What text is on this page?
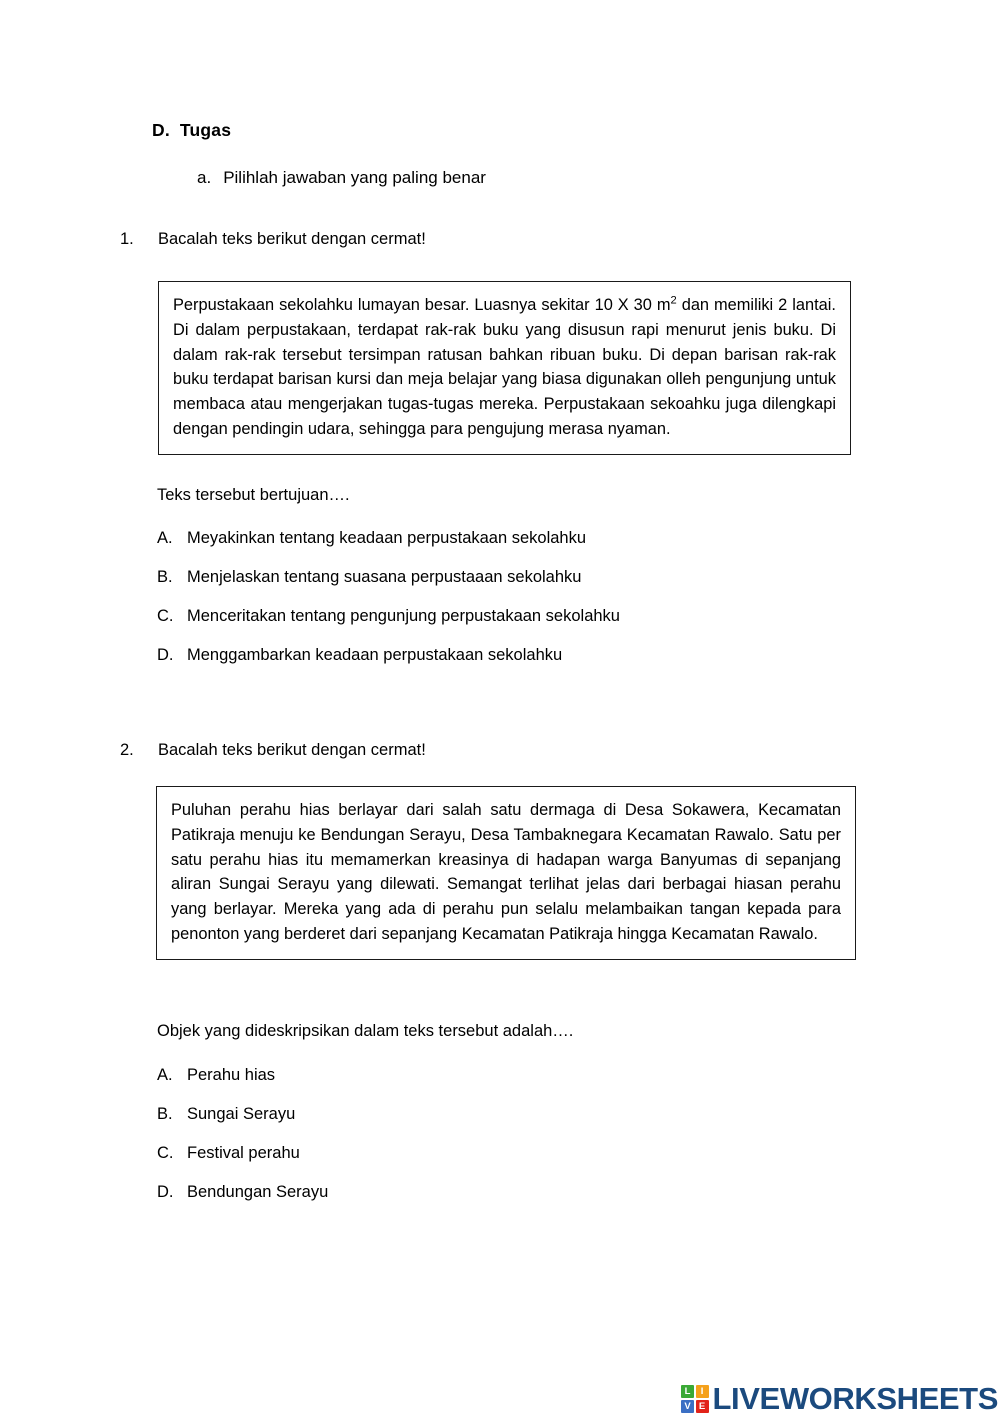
D. Tugas
a. Pilihlah jawaban yang paling benar
1.	Bacalah teks berikut dengan cermat!

Perpustakaan sekolahku lumayan besar. Luasnya sekitar 10 X 30 $m^2$ dan memiliki 2 lantai. Di dalam perpustakaan, terdapat rak-rak buku yang disusun rapi menurut jenis buku. Di dalam rak-rak tersebut tersimpan ratusan bahkan ribuan buku. Di depan barisan rak-rak buku terdapat barisan kursi dan meja belajar yang biasa digunakan olleh pengunjung untuk membaca atau mengerjakan tugas-tugas mereka. Perpustakaan sekoahku juga dilengkapi dengan pendingin udara, sehingga para pengujung merasa nyaman.

Teks tersebut bertujuan….
A. Meyakinkan tentang keadaan perpustakaan sekolahku
B. Menjelaskan tentang suasana perpustaaan sekolahku
C. Menceritakan tentang pengunjung perpustakaan sekolahku
D. Menggambarkan keadaan perpustakaan sekolahku
2.	Bacalah teks berikut dengan cermat!

Puluhan perahu hias berlayar dari salah satu dermaga di Desa Sokawera, Kecamatan Patikraja menuju ke Bendungan Serayu, Desa Tambaknegara Kecamatan Rawalo. Satu per satu perahu hias itu memamerkan kreasinya di hadapan warga Banyumas di sepanjang aliran Sungai Serayu yang dilewati. Semangat terlihat jelas dari berbagai hiasan perahu yang berlayar. Mereka yang ada di perahu pun selalu melambaikan tangan kepada para penonton yang berderet dari sepanjang Kecamatan Patikraja hingga Kecamatan Rawalo.

Objek yang dideskripsikan dalam teks tersebut adalah….
A. Perahu hias
B. Sungai Serayu
C. Festival perahu
D. Bendungan Serayu
L	I
V E LIVEWORKSHEETS
